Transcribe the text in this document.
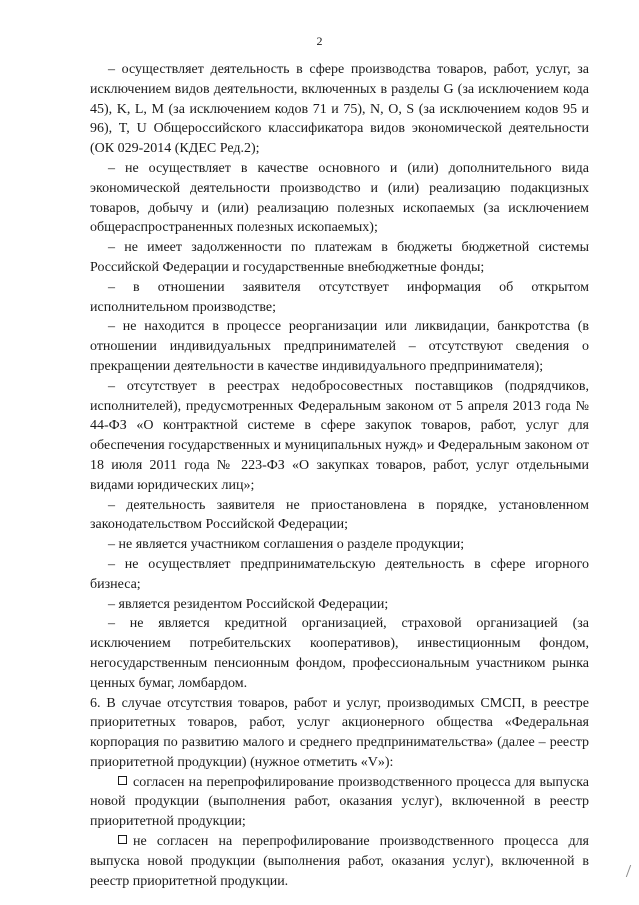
2

– осуществляет деятельность в сфере производства товаров, работ, услуг, за исключением видов деятельности, включенных в разделы G (за исключением кода 45), K, L, M (за исключением кодов 71 и 75), N, O, S (за исключением кодов 95 и 96), T, U Общероссийского классификатора видов экономической деятельности (ОК 029-2014 (КДЕС Ред.2);

– не осуществляет в качестве основного и (или) дополнительного вида экономической деятельности производство и (или) реализацию подакцизных товаров, добычу и (или) реализацию полезных ископаемых (за исключением общераспространенных полезных ископаемых);

– не имеет задолженности по платежам в бюджеты бюджетной системы Российской Федерации и государственные внебюджетные фонды;

– в отношении заявителя отсутствует информация об открытом исполнительном производстве;

– не находится в процессе реорганизации или ликвидации, банкротства (в отношении индивидуальных предпринимателей – отсутствуют сведения о прекращении деятельности в качестве индивидуального предпринимателя);

– отсутствует в реестрах недобросовестных поставщиков (подрядчиков, исполнителей), предусмотренных Федеральным законом от 5 апреля 2013 года № 44-ФЗ «О контрактной системе в сфере закупок товаров, работ, услуг для обеспечения государственных и муниципальных нужд» и Федеральным законом от 18 июля 2011 года № 223-ФЗ «О закупках товаров, работ, услуг отдельными видами юридических лиц»;

– деятельность заявителя не приостановлена в порядке, установленном законодательством Российской Федерации;

– не является участником соглашения о разделе продукции;

– не осуществляет предпринимательскую деятельность в сфере игорного бизнеса;

– является резидентом Российской Федерации;

– не является кредитной организацией, страховой организацией (за исключением потребительских кооперативов), инвестиционным фондом, негосударственным пенсионным фондом, профессиональным участником рынка ценных бумаг, ломбардом.

6. В случае отсутствия товаров, работ и услуг, производимых СМСП, в реестре приоритетных товаров, работ, услуг акционерного общества «Федеральная корпорация по развитию малого и среднего предпринимательства» (далее – реестр приоритетной продукции) (нужное отметить «V»):

согласен на перепрофилирование производственного процесса для выпуска новой продукции (выполнения работ, оказания услуг), включенной в реестр приоритетной продукции;

не согласен на перепрофилирование производственного процесса для выпуска новой продукции (выполнения работ, оказания услуг), включенной в реестр приоритетной продукции.
